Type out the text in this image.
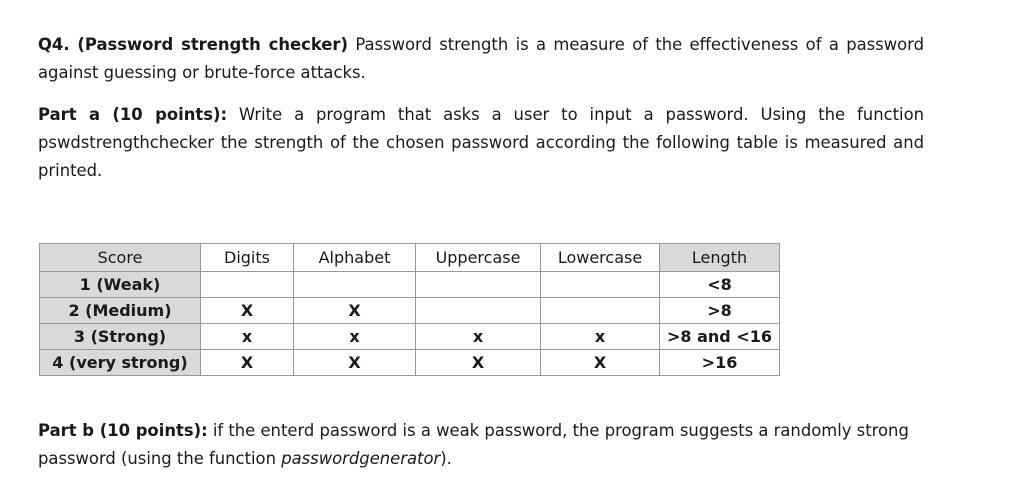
Q4. (Password strength checker) Password strength is a measure of the effectiveness of a password against guessing or brute-force attacks.

Part a (10 points): Write a program that asks a user to input a password. Using the function pswdstrengthchecker the strength of the chosen password according the following table is measured and printed.

Score	Digits	Alphabet	Uppercase	Lowercase	Length
1 (Weak)					<8
2 (Medium)	X	X			>8
3 (Strong)	x	x	x	x	>8 and <16
4 (very strong)	X	X	X	X	>16

Part b (10 points): if the enterd password is a weak password, the program suggests a randomly strong password (using the function passwordgenerator).
